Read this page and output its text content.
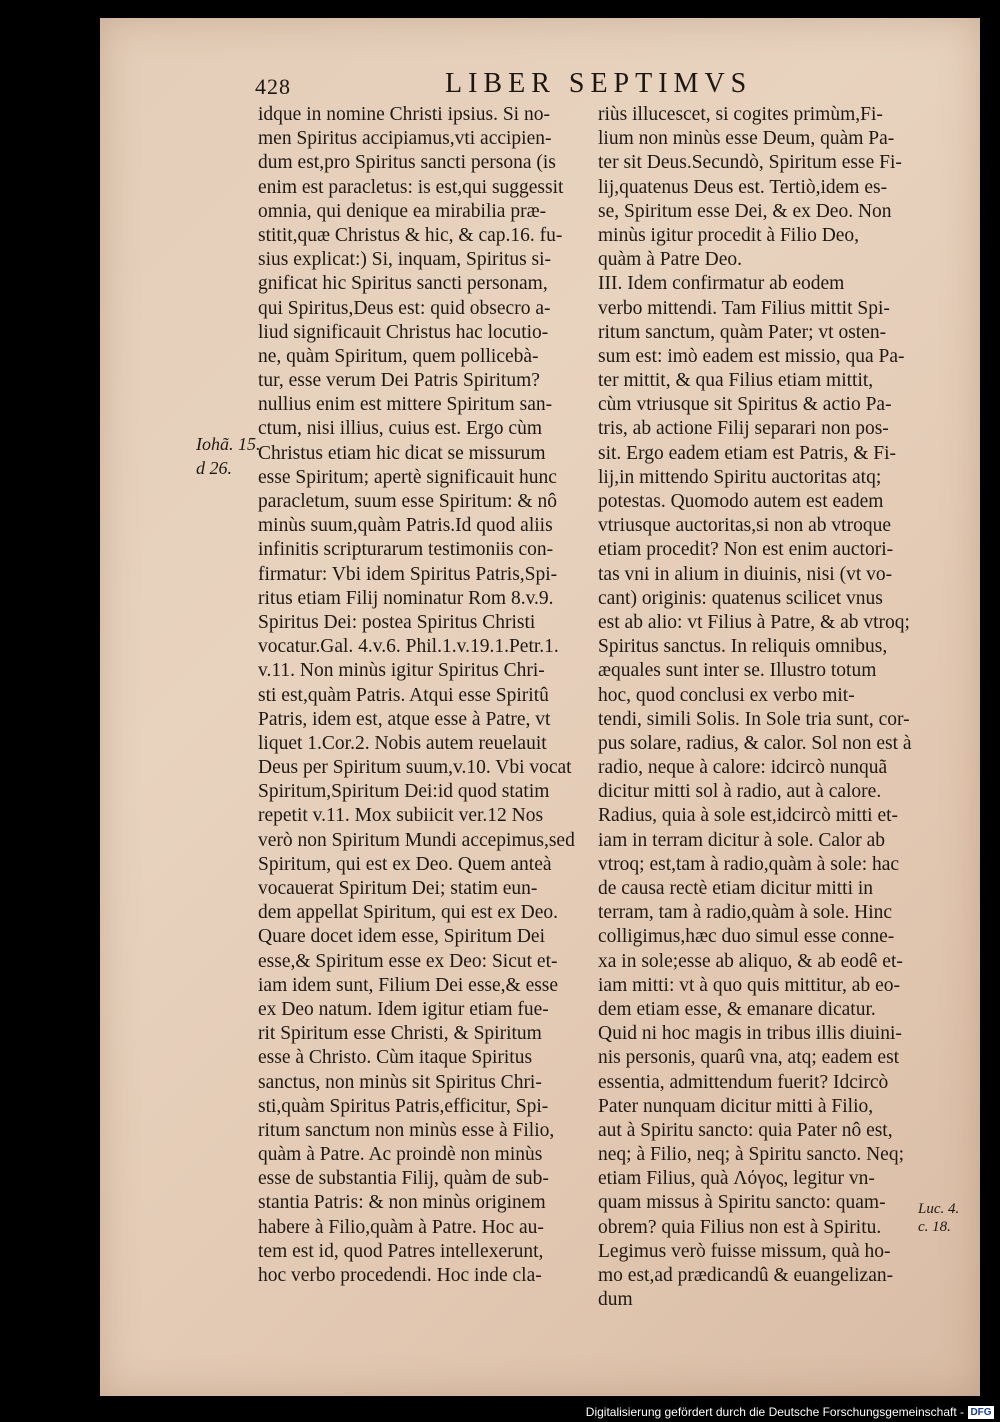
428	LIBER SEPTIMVS
idque in nomine Christi ipsius. Si no-
men Spiritus accipiamus,vti accipien-
dum est,pro Spiritus sancti persona (is
enim est paracletus: is est,qui suggessit
omnia, qui denique ea mirabilia præ-
stitit,quæ Christus & hic, & cap.16. fu-
sius explicat:) Si, inquam, Spiritus si-
gnificat hic Spiritus sancti personam,
qui Spiritus,Deus est: quid obsecro a-
liud significauit Christus hac locutio-
ne, quàm Spiritum, quem pollicebà-
tur, esse verum Dei Patris Spiritum?
nullius enim est mittere Spiritum san-
ctum, nisi illius, cuius est. Ergo cùm
Christus etiam hic dicat se missurum
esse Spiritum; apertè significauit hunc
paracletum, suum esse Spiritum: & nô
minùs suum,quàm Patris.Id quod aliis
infinitis scripturarum testimoniis con-
firmatur: Vbi idem Spiritus Patris,Spi-
ritus etiam Filij nominatur Rom 8.v.9.
Spiritus Dei: postea Spiritus Christi
vocatur.Gal. 4.v.6. Phil.1.v.19.1.Petr.1.
v.11. Non minùs igitur Spiritus Chri-
sti est,quàm Patris. Atqui esse Spiritû
Patris, idem est, atque esse à Patre, vt
liquet 1.Cor.2. Nobis autem reuelauit
Deus per Spiritum suum,v.10. Vbi vocat
Spiritum,Spiritum Dei:id quod statim
repetit v.11. Mox subiicit ver.12 Nos
verò non Spiritum Mundi accepimus,sed
Spiritum, qui est ex Deo. Quem anteà
vocauerat Spiritum Dei; statim eun-
dem appellat Spiritum, qui est ex Deo.
Quare docet idem esse, Spiritum Dei
esse,& Spiritum esse ex Deo: Sicut et-
iam idem sunt, Filium Dei esse,& esse
ex Deo natum. Idem igitur etiam fue-
rit Spiritum esse Christi, & Spiritum
esse à Christo. Cùm itaque Spiritus
sanctus, non minùs sit Spiritus Chri-
sti,quàm Spiritus Patris,efficitur, Spi-
ritum sanctum non minùs esse à Filio,
quàm à Patre. Ac proindè non minùs
esse de substantia Filij, quàm de sub-
stantia Patris: & non minùs originem
habere à Filio,quàm à Patre. Hoc au-
tem est id, quod Patres intellexerunt,
hoc verbo procedendi. Hoc inde cla-
riùs illucescet, si cogites primùm,Fi-
lium non minùs esse Deum, quàm Pa-
ter sit Deus.Secundò, Spiritum esse Fi-
lij,quatenus Deus est. Tertiò,idem es-
se, Spiritum esse Dei, & ex Deo. Non
minùs igitur procedit à Filio Deo,
quàm à Patre Deo.
III. Idem confirmatur ab eodem
verbo mittendi. Tam Filius mittit Spi-
ritum sanctum, quàm Pater; vt osten-
sum est: imò eadem est missio, qua Pa-
ter mittit, & qua Filius etiam mittit,
cùm vtriusque sit Spiritus & actio Pa-
tris, ab actione Filij separari non pos-
sit. Ergo eadem etiam est Patris, & Fi-
lij,in mittendo Spiritu auctoritas atq;
potestas. Quomodo autem est eadem
vtriusque auctoritas,si non ab vtroque
etiam procedit? Non est enim auctori-
tas vni in alium in diuinis, nisi (vt vo-
cant) originis: quatenus scilicet vnus
est ab alio: vt Filius à Patre, & ab vtroq;
Spiritus sanctus. In reliquis omnibus,
æquales sunt inter se. Illustro totum
hoc, quod conclusi ex verbo mit-
tendi, simili Solis. In Sole tria sunt, cor-
pus solare, radius, & calor. Sol non est à
radio, neque à calore: idcircò nunquã
dicitur mitti sol à radio, aut à calore.
Radius, quia à sole est,idcircò mitti et-
iam in terram dicitur à sole. Calor ab
vtroq; est,tam à radio,quàm à sole: hac
de causa rectè etiam dicitur mitti in
terram, tam à radio,quàm à sole. Hinc
colligimus,hæc duo simul esse conne-
xa in sole;esse ab aliquo, & ab eodê et-
iam mitti: vt à quo quis mittitur, ab eo-
dem etiam esse, & emanare dicatur.
Quid ni hoc magis in tribus illis diuini-
nis personis, quarû vna, atq; eadem est
essentia, admittendum fuerit? Idcircò
Pater nunquam dicitur mitti à Filio,
aut à Spiritu sancto: quia Pater nô est,
neq; à Filio, neq; à Spiritu sancto. Neq;
etiam Filius, quà Λόγος, legitur vn-
quam missus à Spiritu sancto: quam-
obrem? quia Filius non est à Spiritu.
Legimus verò fuisse missum, quà ho-
mo est,ad prædicandû & euangelizan-
dum
Iohã. 15.
d 26.
Luc. 4.
c. 18.
Digitalisierung gefördert durch die Deutsche Forschungsgemeinschaft - DFG
